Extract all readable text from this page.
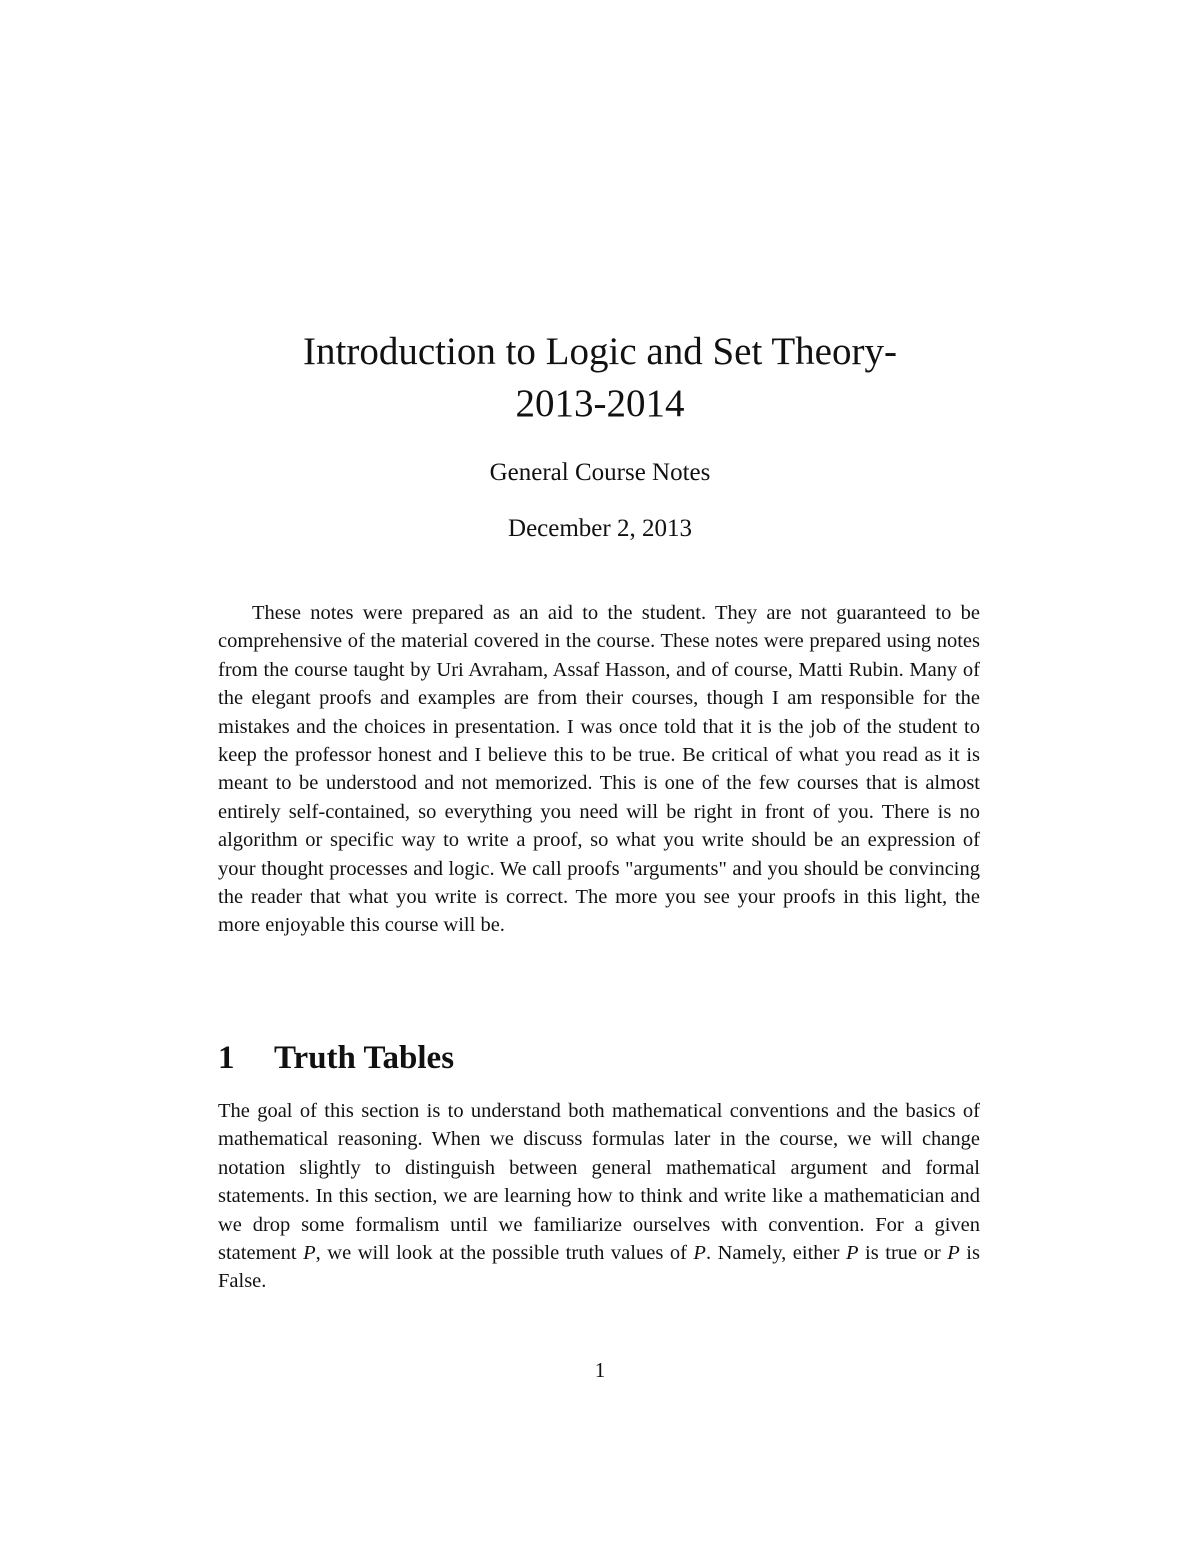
Introduction to Logic and Set Theory-
2013-2014
General Course Notes
December 2, 2013

These notes were prepared as an aid to the student. They are not guaranteed to be comprehensive of the material covered in the course. These notes were prepared using notes from the course taught by Uri Avraham, Assaf Hasson, and of course, Matti Rubin. Many of the elegant proofs and examples are from their courses, though I am responsible for the mistakes and the choices in presentation. I was once told that it is the job of the student to keep the professor honest and I believe this to be true. Be critical of what you read as it is meant to be understood and not memorized. This is one of the few courses that is almost entirely self-contained, so everything you need will be right in front of you. There is no algorithm or specific way to write a proof, so what you write should be an expression of your thought processes and logic. We call proofs "arguments" and you should be convincing the reader that what you write is correct. The more you see your proofs in this light, the more enjoyable this course will be.

1 Truth Tables

The goal of this section is to understand both mathematical conventions and the basics of mathematical reasoning. When we discuss formulas later in the course, we will change notation slightly to distinguish between general mathematical argument and formal statements. In this section, we are learning how to think and write like a mathematician and we drop some formalism until we familiarize ourselves with convention. For a given statement P, we will look at the possible truth values of P. Namely, either P is true or P is False.

1
